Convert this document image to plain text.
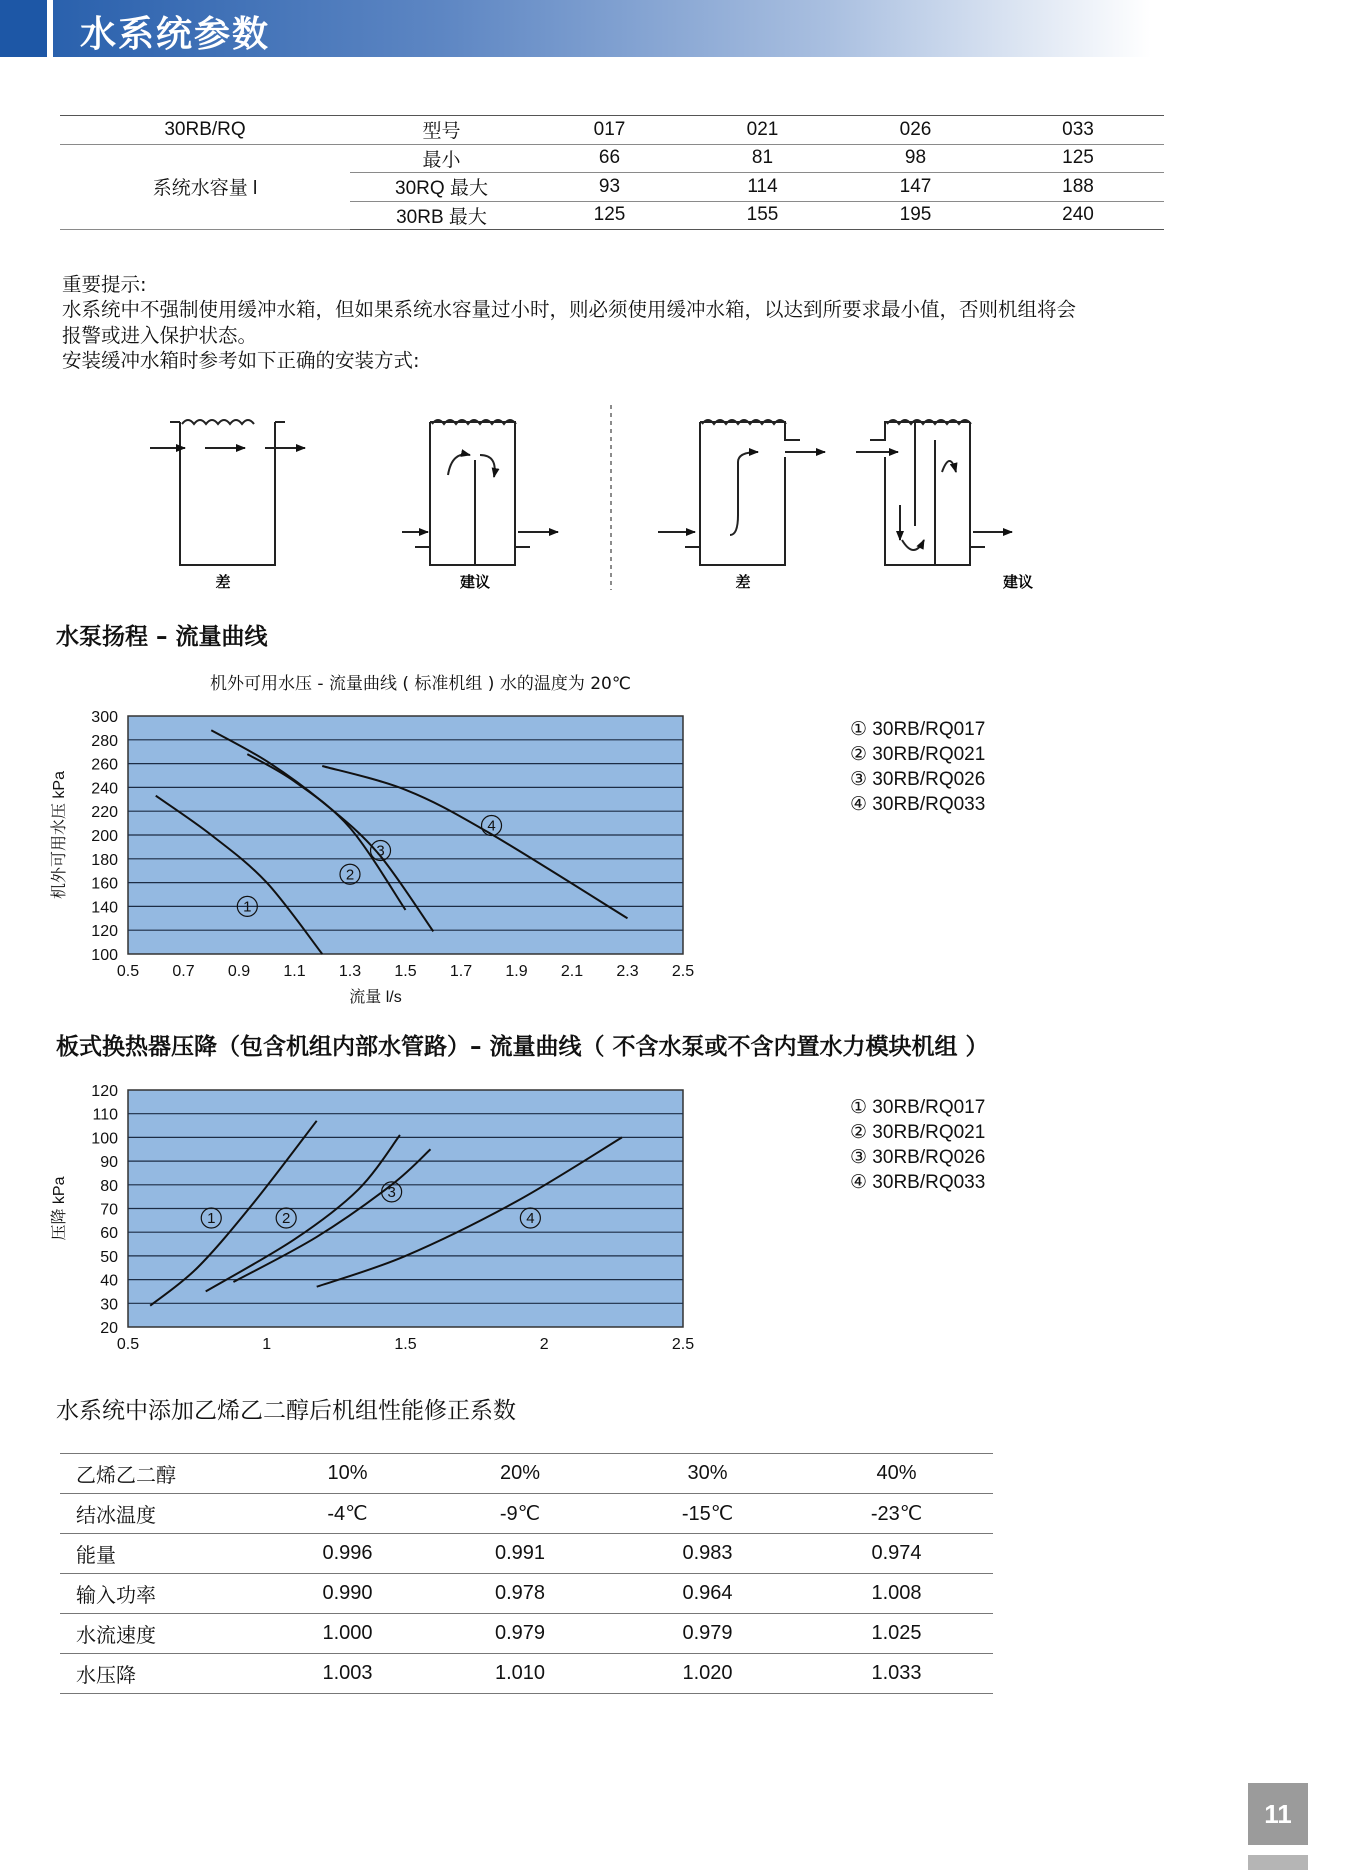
水系统参数
30RB/RQ	型号	017	021	026	033
系统水容量 l	最小	66	81	98	125
	30RQ 最大	93	114	147	188
	30RB 最大	125	155	195	240
重要提示:
水系统中不强制使用缓冲水箱，但如果系统水容量过小时，则必须使用缓冲水箱，以达到所要求最小值，否则机组将会
报警或进入保护状态。
安装缓冲水箱时参考如下正确的安装方式:
差	建议	差	建议
水泵扬程 – 流量曲线
机外可用水压 - 流量曲线 ( 标准机组 ) 水的温度为 20℃
300
280
260
240
220
200
180
160
140
120
100
0.5 0.7 0.9 1.1 1.3 1.5 1.7 1.9 2.1 2.3 2.5
机外可用水压 kPa
流量 l/s
1
2
3
4
① 30RB/RQ017
② 30RB/RQ021
③ 30RB/RQ026
④ 30RB/RQ033
板式换热器压降（包含机组内部水管路）– 流量曲线（ 不含水泵或不含内置水力模块机组 ）
120
110
100
90
80
70
60
50
40
30
20
0.5	1	1.5	2	2.5
压降 kPa	1	2
3
4
① 30RB/RQ017
② 30RB/RQ021
③ 30RB/RQ026
④ 30RB/RQ033
水系统中添加乙烯乙二醇后机组性能修正系数
乙烯乙二醇	10%	20%	30%	40%
结冰温度	-4℃	-9℃	-15℃	-23℃
能量	0.996	0.991	0.983	0.974
输入功率	0.990	0.978	0.964	1.008
水流速度	1.000	0.979	0.979	1.025
水压降	1.003	1.010	1.020	1.033
11
